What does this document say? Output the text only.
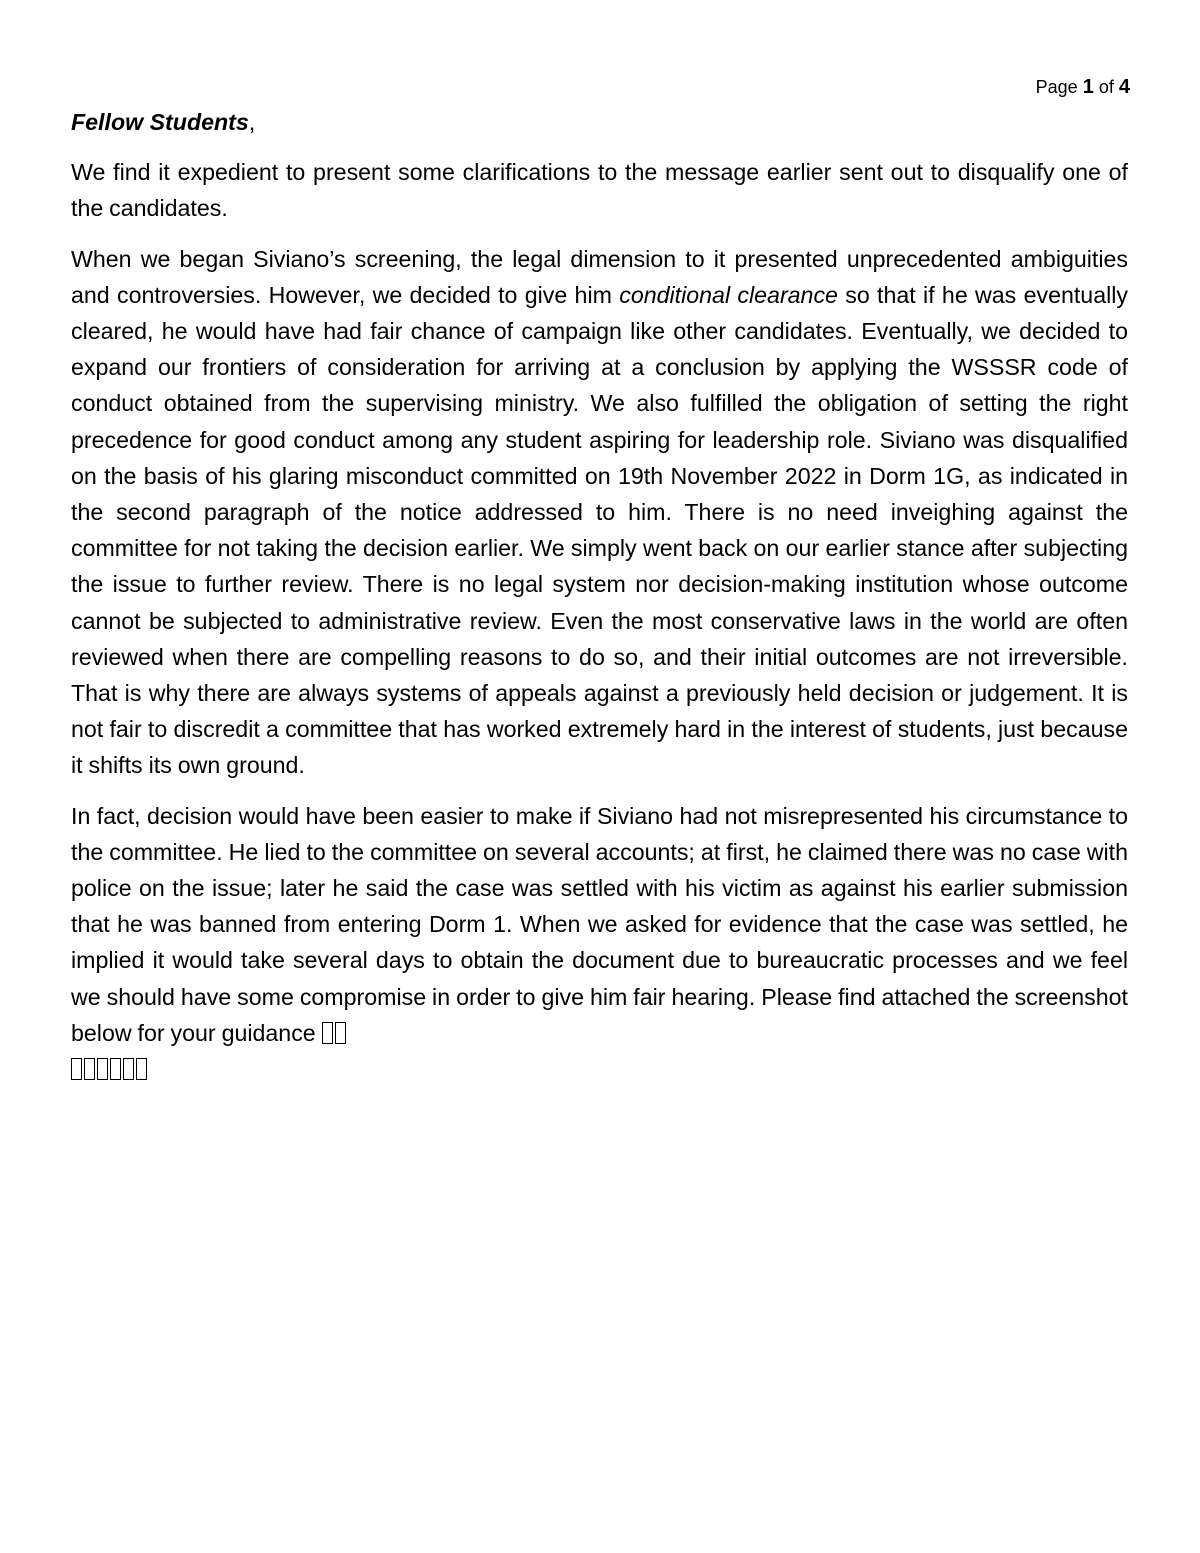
Page 1 of 4
Fellow Students,

We find it expedient to present some clarifications to the message earlier sent out to disqualify one of the candidates.

When we began Siviano’s screening, the legal dimension to it presented unprecedented ambiguities and controversies. However, we decided to give him conditional clearance so that if he was eventually cleared, he would have had fair chance of campaign like other candidates. Eventually, we decided to expand our frontiers of consideration for arriving at a conclusion by applying the WSSSR code of conduct obtained from the supervising ministry. We also fulfilled the obligation of setting the right precedence for good conduct among any student aspiring for leadership role. Siviano was disqualified on the basis of his glaring misconduct committed on 19th November 2022 in Dorm 1G, as indicated in the second paragraph of the notice addressed to him. There is no need inveighing against the committee for not taking the decision earlier. We simply went back on our earlier stance after subjecting the issue to further review. There is no legal system nor decision-making institution whose outcome cannot be subjected to administrative review. Even the most conservative laws in the world are often reviewed when there are compelling reasons to do so, and their initial outcomes are not irreversible. That is why there are always systems of appeals against a previously held decision or judgement. It is not fair to discredit a committee that has worked extremely hard in the interest of students, just because it shifts its own ground.

In fact, decision would have been easier to make if Siviano had not misrepresented his circumstance to the committee. He lied to the committee on several accounts; at first, he claimed there was no case with police on the issue; later he said the case was settled with his victim as against his earlier submission that he was banned from entering Dorm 1. When we asked for evidence that the case was settled, he implied it would take several days to obtain the document due to bureaucratic processes and we feel we should have some compromise in order to give him fair hearing. Please find attached the screenshot below for your guidance
